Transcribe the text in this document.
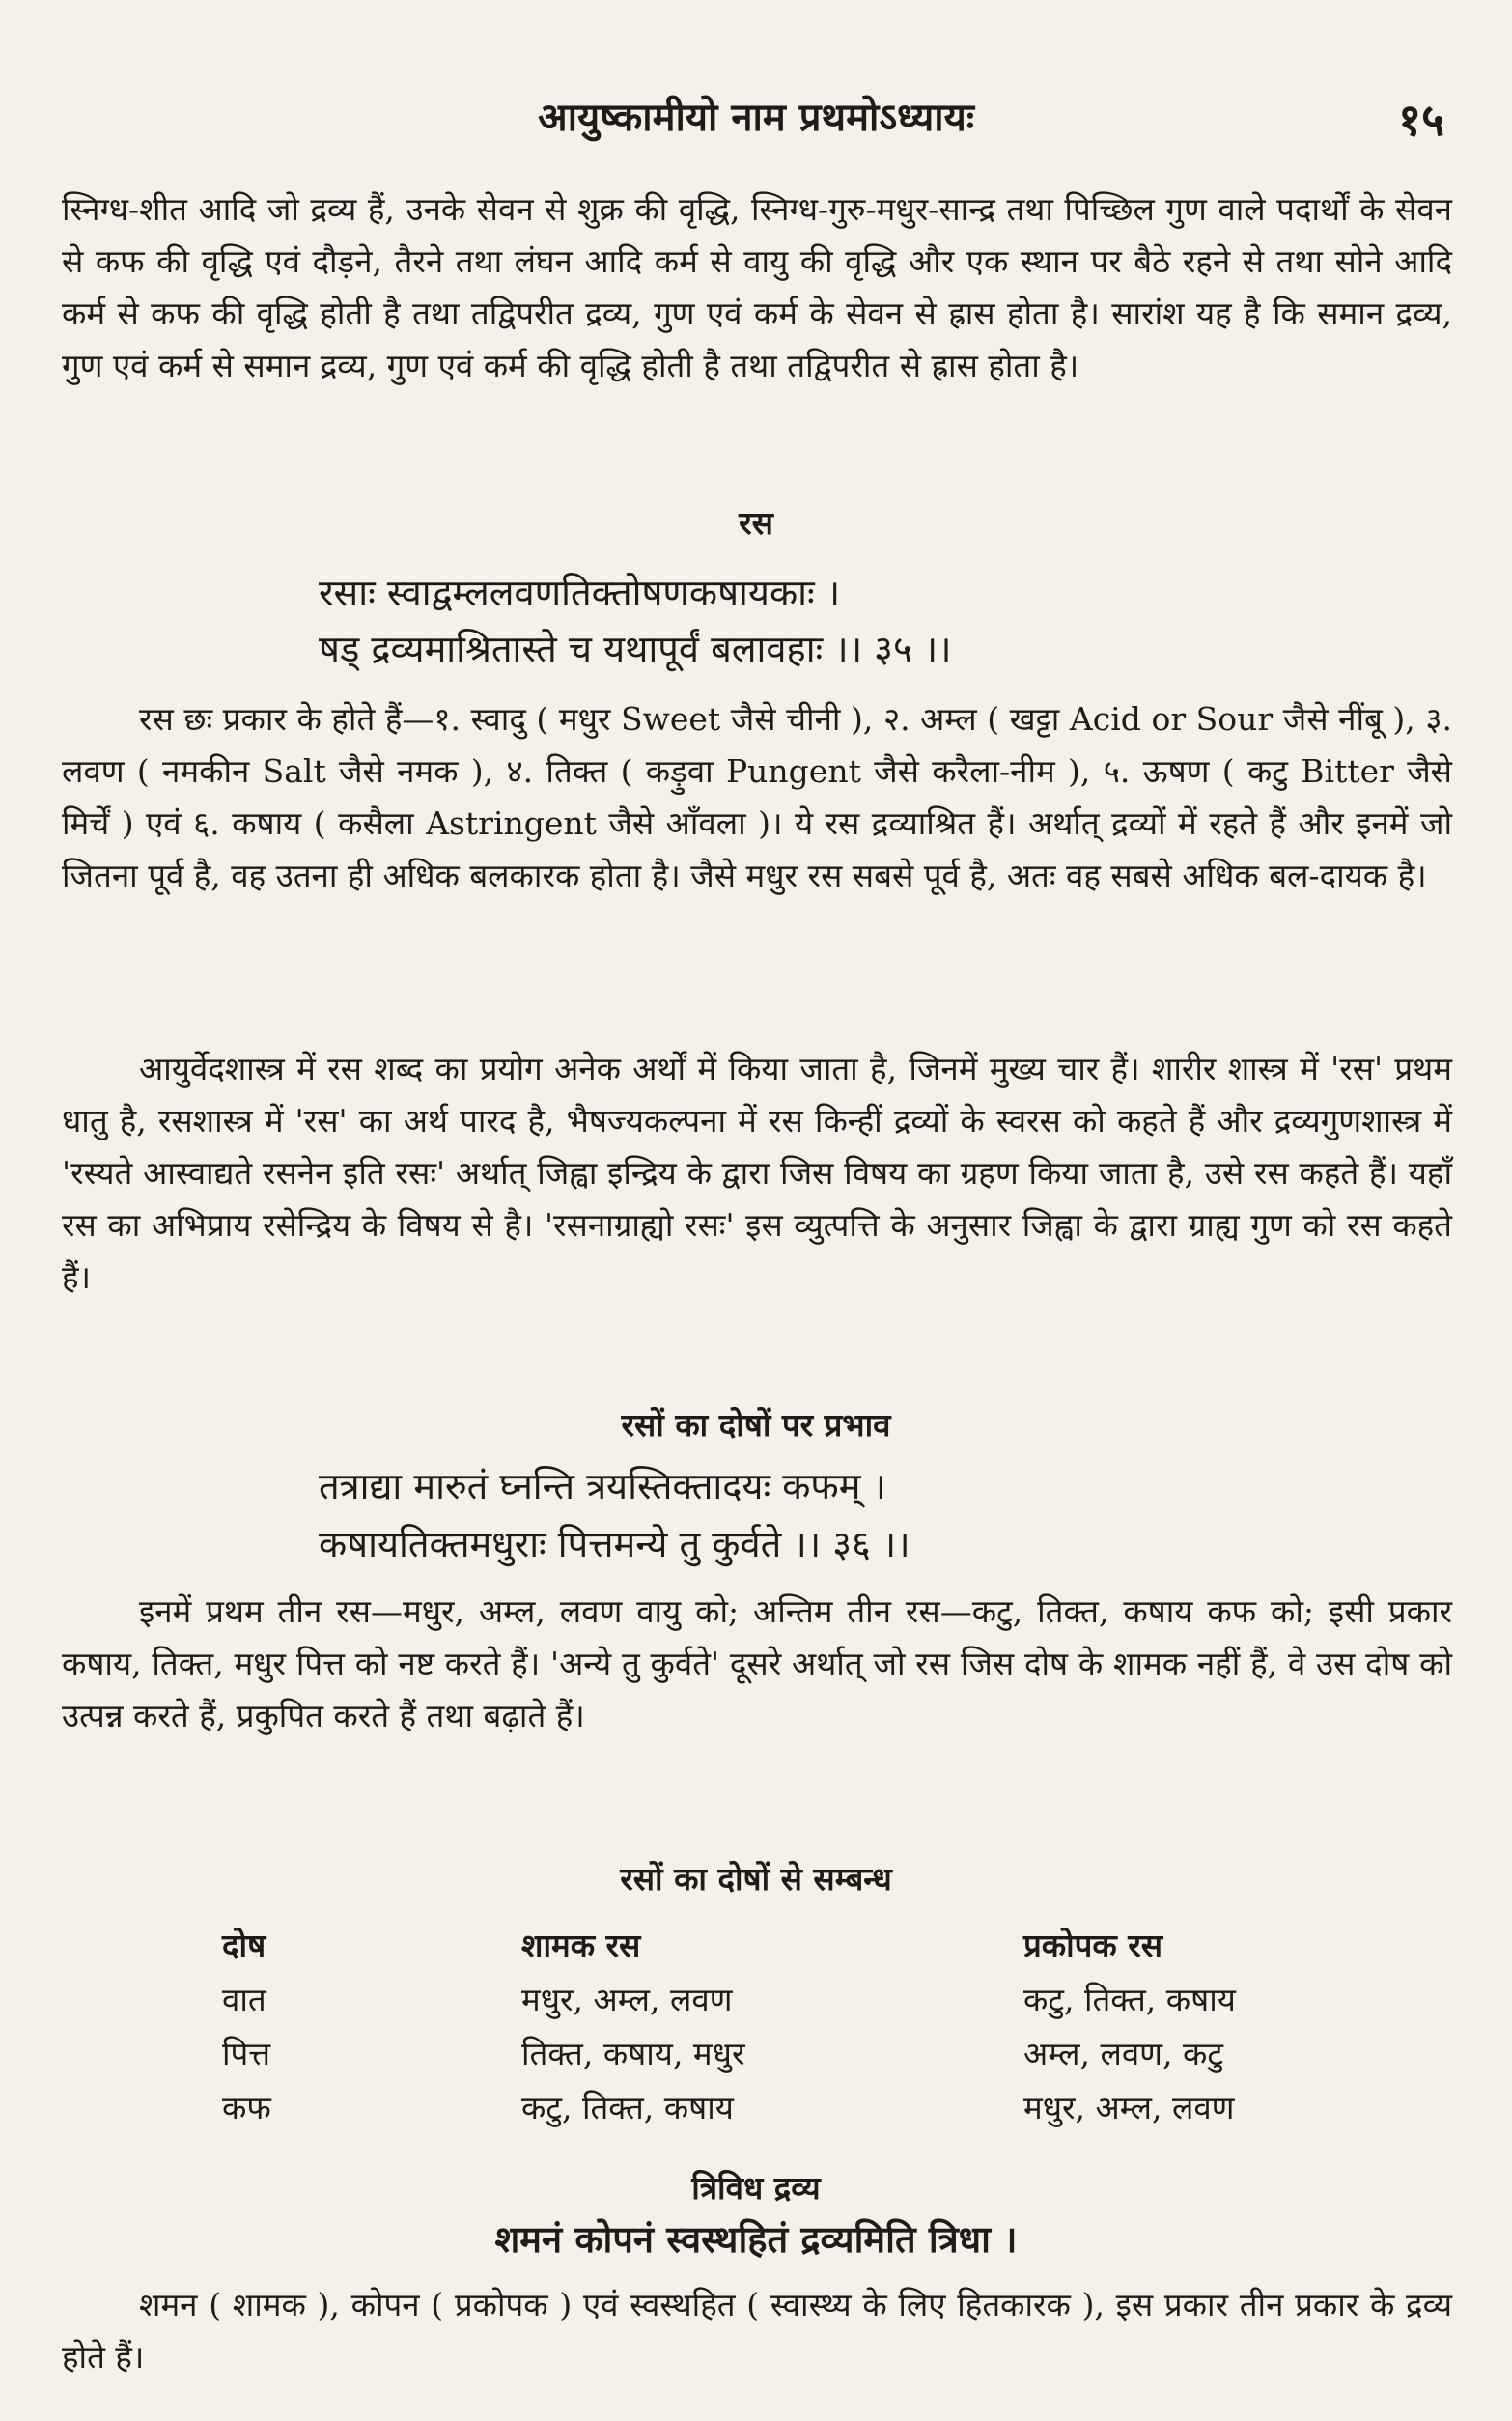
आयुष्कामीयो नाम प्रथमोऽध्यायः	१५

स्निग्ध-शीत आदि जो द्रव्य हैं, उनके सेवन से शुक्र की वृद्धि, स्निग्ध-गुरु-मधुर-सान्द्र तथा पिच्छिल गुण वाले पदार्थों के सेवन से कफ की वृद्धि एवं दौड़ने, तैरने तथा लंघन आदि कर्म से वायु की वृद्धि और एक स्थान पर बैठे रहने से तथा सोने आदि कर्म से कफ की वृद्धि होती है तथा तद्विपरीत द्रव्य, गुण एवं कर्म के सेवन से ह्रास होता है। सारांश यह है कि समान द्रव्य, गुण एवं कर्म से समान द्रव्य, गुण एवं कर्म की वृद्धि होती है तथा तद्विपरीत से ह्रास होता है।

रस

रसाः स्वाद्वम्ललवणतिक्तोषणकषायकाः ।

षड् द्रव्यमाश्रितास्ते च यथापूर्वं बलावहाः ।। ३५ ।।

रस छः प्रकार के होते हैं—१. स्वादु ( मधुर Sweet जैसे चीनी ), २. अम्ल ( खट्टा Acid or Sour जैसे नींबू ), ३. लवण ( नमकीन Salt जैसे नमक ), ४. तिक्त ( कड़ुवा Pungent जैसे करैला-नीम ), ५. ऊषण ( कटु Bitter जैसे मिर्चें ) एवं ६. कषाय ( कसैला Astringent जैसे आँवला )। ये रस द्रव्याश्रित हैं। अर्थात् द्रव्यों में रहते हैं और इनमें जो जितना पूर्व है, वह उतना ही अधिक बलकारक होता है। जैसे मधुर रस सबसे पूर्व है, अतः वह सबसे अधिक बल-दायक है।

आयुर्वेदशास्त्र में रस शब्द का प्रयोग अनेक अर्थों में किया जाता है, जिनमें मुख्य चार हैं। शारीर शास्त्र में 'रस' प्रथम धातु है, रसशास्त्र में 'रस' का अर्थ पारद है, भैषज्यकल्पना में रस किन्हीं द्रव्यों के स्वरस को कहते हैं और द्रव्यगुणशास्त्र में 'रस्यते आस्वाद्यते रसनेन इति रसः' अर्थात् जिह्वा इन्द्रिय के द्वारा जिस विषय का ग्रहण किया जाता है, उसे रस कहते हैं। यहाँ रस का अभिप्राय रसेन्द्रिय के विषय से है। 'रसनाग्राह्यो रसः' इस व्युत्पत्ति के अनुसार जिह्वा के द्वारा ग्राह्य गुण को रस कहते हैं।

रसों का दोषों पर प्रभाव

तत्राद्या मारुतं घ्नन्ति त्रयस्तिक्तादयः कफम् ।

कषायतिक्तमधुराः पित्तमन्ये तु कुर्वते ।। ३६ ।।

इनमें प्रथम तीन रस—मधुर, अम्ल, लवण वायु को; अन्तिम तीन रस—कटु, तिक्त, कषाय कफ को; इसी प्रकार कषाय, तिक्त, मधुर पित्त को नष्ट करते हैं। 'अन्ये तु कुर्वते' दूसरे अर्थात् जो रस जिस दोष के शामक नहीं हैं, वे उस दोष को उत्पन्न करते हैं, प्रकुपित करते हैं तथा बढ़ाते हैं।

रसों का दोषों से सम्बन्ध

दोष	शामक रस	प्रकोपक रस
वात	मधुर, अम्ल, लवण	कटु, तिक्त, कषाय
पित्त	तिक्त, कषाय, मधुर	अम्ल, लवण, कटु
कफ	कटु, तिक्त, कषाय	मधुर, अम्ल, लवण

त्रिविध द्रव्य

शमनं कोपनं स्वस्थहितं द्रव्यमिति त्रिधा ।

शमन ( शामक ), कोपन ( प्रकोपक ) एवं स्वस्थहित ( स्वास्थ्य के लिए हितकारक ), इस प्रकार तीन प्रकार के द्रव्य होते हैं।
